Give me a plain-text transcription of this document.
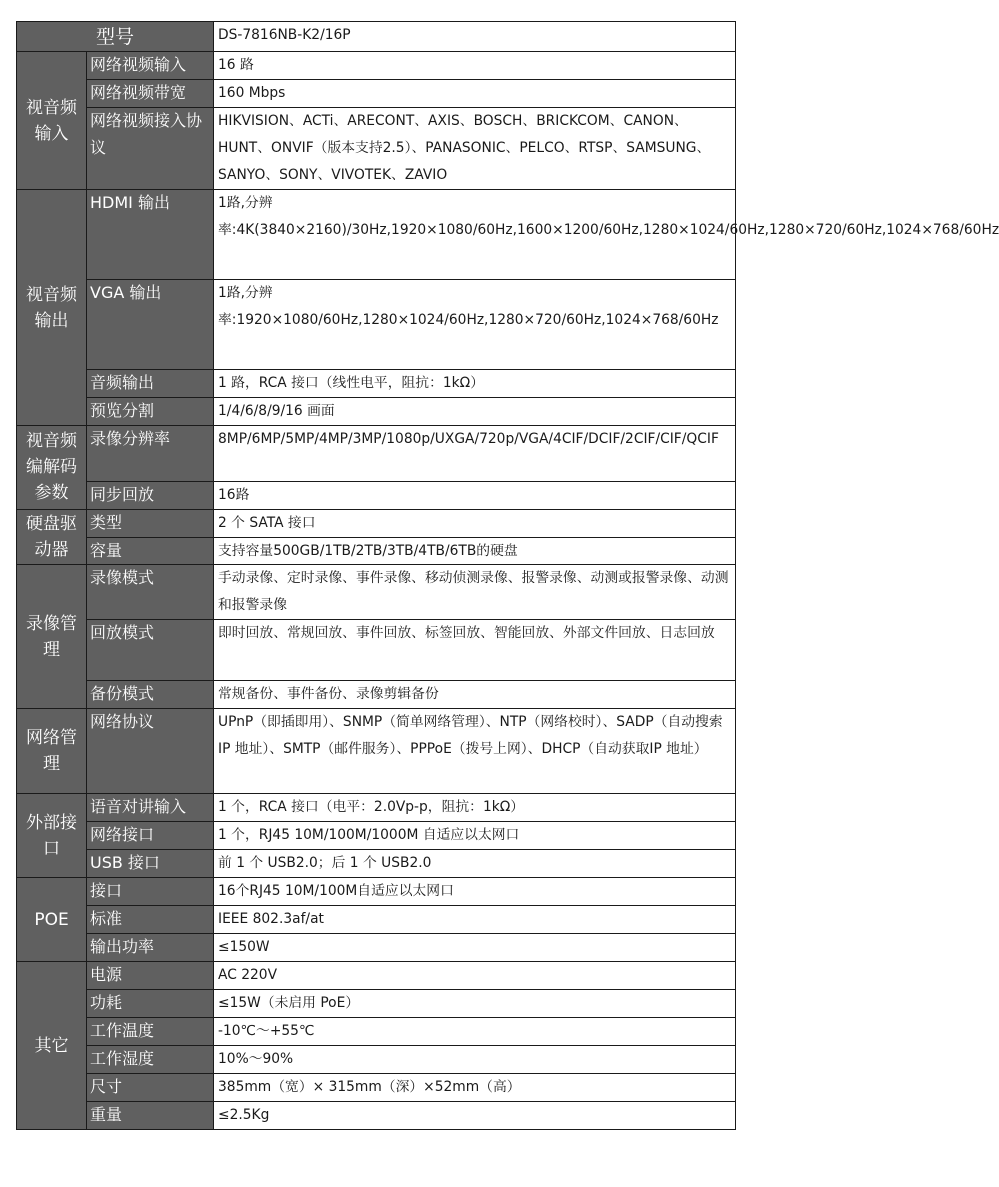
型号		DS-7816NB-K2/16P
视音频输入	网络视频输入	16 路
	网络视频带宽	160 Mbps
	网络视频接入协议	HIKVISION、ACTi、ARECONT、AXIS、BOSCH、BRICKCOM、CANON、HUNT、ONVIF（版本支持2.5）、PANASONIC、PELCO、RTSP、SAMSUNG、SANYO、SONY、VIVOTEK、ZAVIO
视音频输出	HDMI 输出	1路,分辨率:4K(3840×2160)/30Hz,1920×1080/60Hz,1600×1200/60Hz,1280×1024/60Hz,1280×720/60Hz,1024×768/60Hz
	VGA 输出	1路,分辨率:1920×1080/60Hz,1280×1024/60Hz,1280×720/60Hz,1024×768/60Hz
	音频输出	1 路，RCA 接口（线性电平，阻抗：1kΩ）
	预览分割	1/4/6/8/9/16 画面
视音频编解码参数	录像分辨率	8MP/6MP/5MP/4MP/3MP/1080p/UXGA/720p/VGA/4CIF/DCIF/2CIF/CIF/QCIF
	同步回放	16路
硬盘驱动器	类型	2 个 SATA 接口
	容量	支持容量500GB/1TB/2TB/3TB/4TB/6TB的硬盘
录像管理	录像模式	手动录像、定时录像、事件录像、移动侦测录像、报警录像、动测或报警录像、动测和报警录像
	回放模式	即时回放、常规回放、事件回放、标签回放、智能回放、外部文件回放、日志回放
	备份模式	常规备份、事件备份、录像剪辑备份
网络管理	网络协议	UPnP（即插即用）、SNMP（简单网络管理）、NTP（网络校时）、SADP（自动搜索 IP 地址）、SMTP（邮件服务）、PPPoE（拨号上网）、DHCP（自动获取IP 地址）
外部接口	语音对讲输入	1 个，RCA 接口（电平：2.0Vp-p，阻抗：1kΩ）
	网络接口	1 个，RJ45 10M/100M/1000M 自适应以太网口
	USB 接口	前 1 个 USB2.0；后 1 个 USB2.0
POE	接口	16个RJ45 10M/100M自适应以太网口
	标准	IEEE 802.3af/at
	输出功率	≤150W
其它	电源	AC 220V
	功耗	≤15W（未启用 PoE）
	工作温度	-10℃～+55℃
	工作湿度	10%～90%
	尺寸	385mm（宽）× 315mm（深）×52mm（高）
	重量	≤2.5Kg
